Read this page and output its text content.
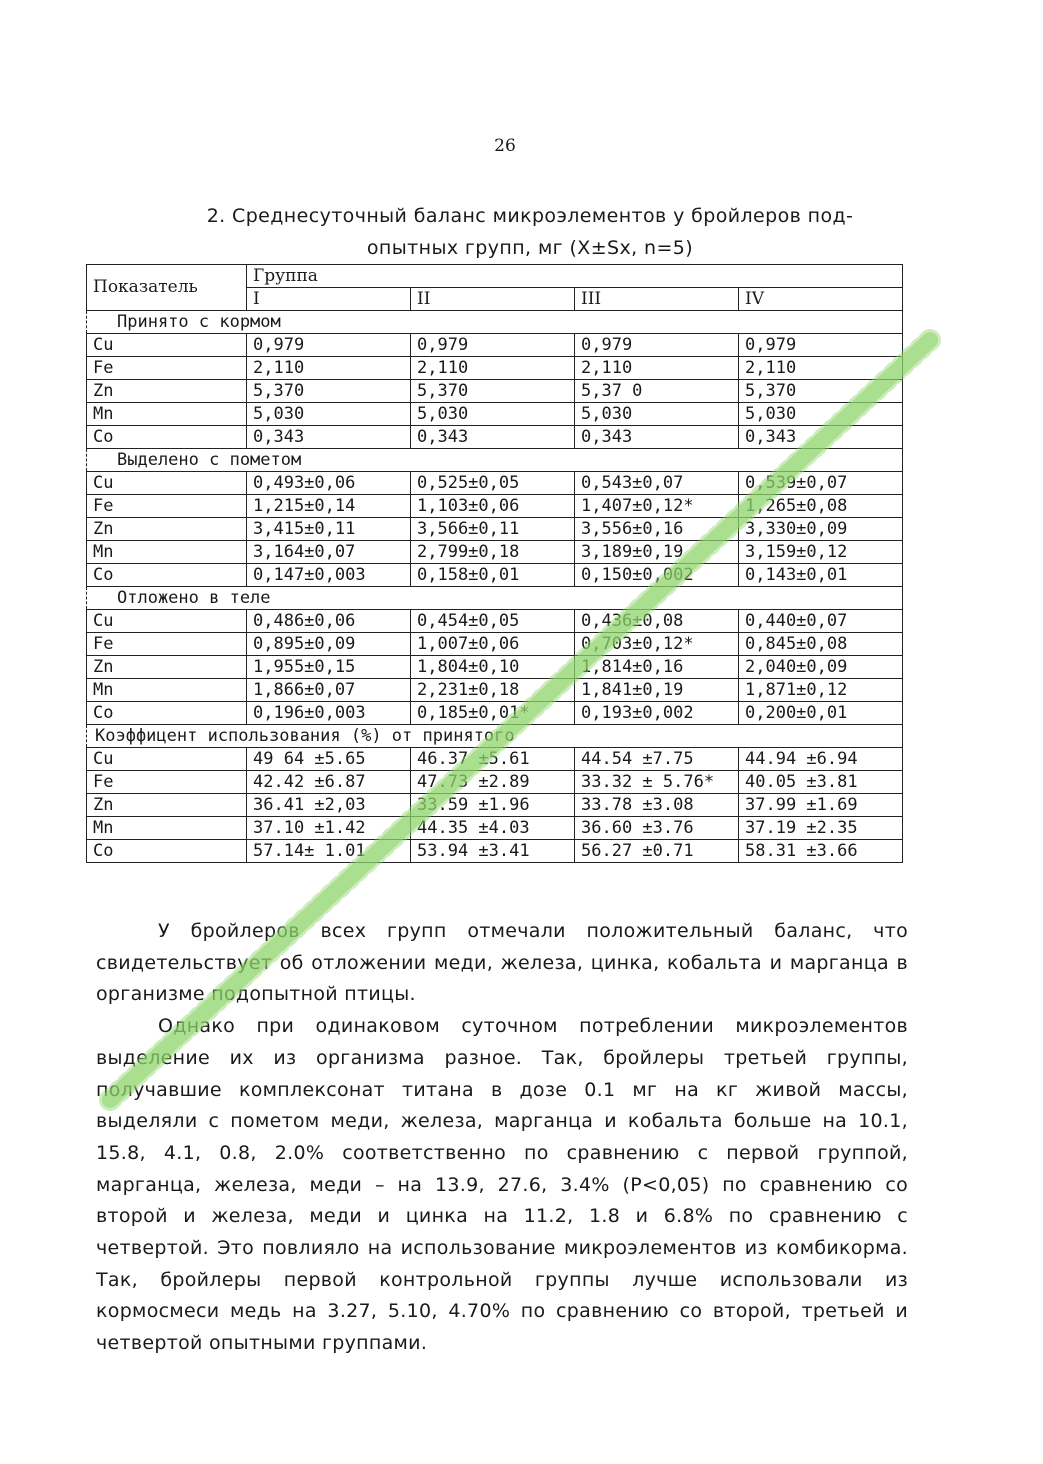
26
2. Среднесуточный баланс микроэлементов у бройлеров под-
опытных групп, мг (X±Sx, n=5)
Показатель	Группа			
	I	II	III	IV
Принято с кормом				
Cu	0,979	0,979	0,979	0,979
Fe	2,110	2,110	2,110	2,110
Zn	5,370	5,370	5,37 0	5,370
Mn	5,030	5,030	5,030	5,030
Co	0,343	0,343	0,343	0,343
Выделено с пометом				
Cu	0,493±0,06	0,525±0,05	0,543±0,07	0,539±0,07
Fe	1,215±0,14	1,103±0,06	1,407±0,12*	1,265±0,08
Zn	3,415±0,11	3,566±0,11	3,556±0,16	3,330±0,09
Mn	3,164±0,07	2,799±0,18	3,189±0,19	3,159±0,12
Co	0,147±0,003	0,158±0,01	0,150±0,002	0,143±0,01
Отложено в теле				
Cu	0,486±0,06	0,454±0,05	0,436±0,08	0,440±0,07
Fe	0,895±0,09	1,007±0,06	0,703±0,12*	0,845±0,08
Zn	1,955±0,15	1,804±0,10	1,814±0,16	2,040±0,09
Mn	1,866±0,07	2,231±0,18	1,841±0,19	1,871±0,12
Co	0,196±0,003	0,185±0,01*	0,193±0,002	0,200±0,01
Коэффицент использования (%) от принятого				
Cu	49 64 ±5.65	46.37 ±5.61	44.54 ±7.75	44.94 ±6.94
Fe	42.42 ±6.87	47.73 ±2.89	33.32 ± 5.76*	40.05 ±3.81
Zn	36.41 ±2,03	33.59 ±1.96	33.78 ±3.08	37.99 ±1.69
Mn	37.10 ±1.42	44.35 ±4.03	36.60 ±3.76	37.19 ±2.35
Co	57.14± 1.01	53.94 ±3.41	56.27 ±0.71	58.31 ±3.66

У бройлеров всех групп отмечали положительный баланс, что свидетельствует об отложении меди, железа, цинка, кобальта и марганца в организме подопытной птицы.

Однако при одинаковом суточном потреблении микроэлементов выделение их из организма разное. Так, бройлеры третьей группы, получавшие комплексонат титана в дозе 0.1 мг на кг живой массы, выделяли с пометом меди, железа, марганца и кобальта больше на 10.1, 15.8, 4.1, 0.8, 2.0% соответственно по сравнению с первой группой, марганца, железа, меди – на 13.9, 27.6, 3.4% (P<0,05) по сравнению со второй и железа, меди и цинка на 11.2, 1.8 и 6.8% по сравнению с четвертой. Это повлияло на использование микроэлементов из комбикорма. Так, бройлеры первой контрольной группы лучше использовали из кормосмеси медь на 3.27, 5.10, 4.70% по сравнению со второй, третьей и четвертой опытными группами.
